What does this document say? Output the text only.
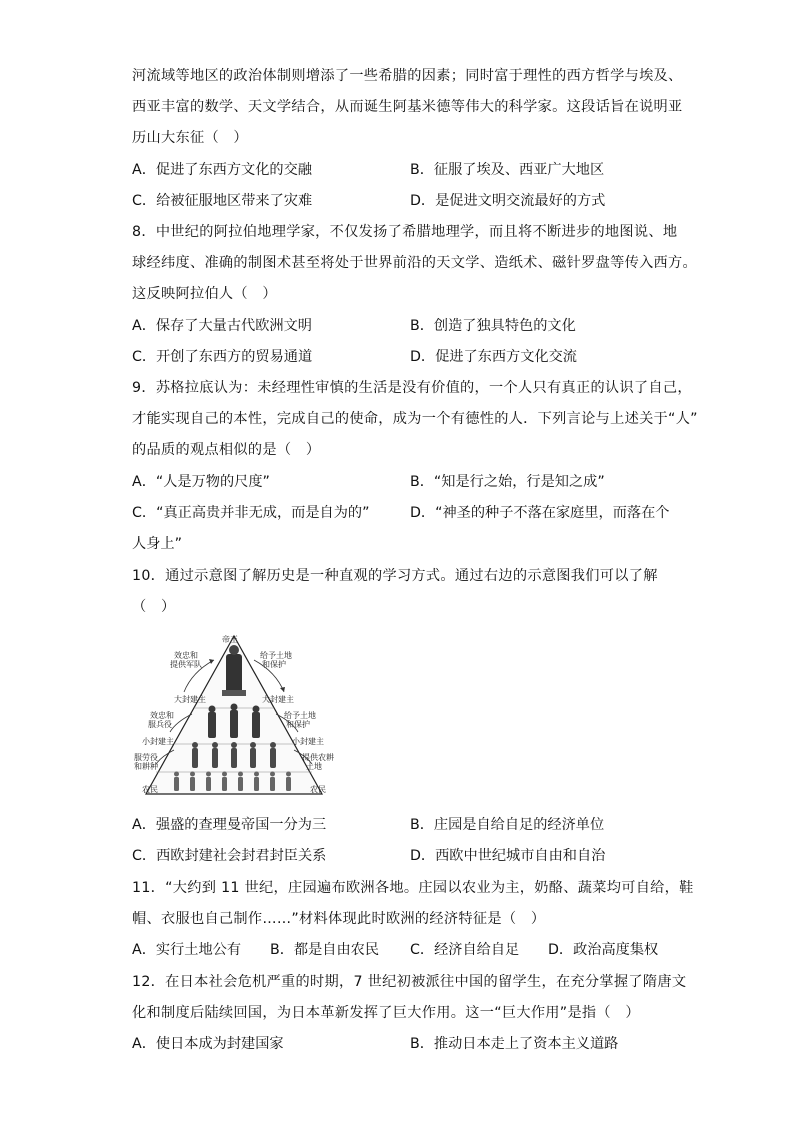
河流域等地区的政治体制则增添了一些希腊的因素；同时富于理性的西方哲学与埃及、
西亚丰富的数学、天文学结合，从而诞生阿基米德等伟大的科学家。这段话旨在说明亚
历山大东征（　）
A．促进了东西方文化的交融	B．征服了埃及、西亚广大地区
C．给被征服地区带来了灾难	D．是促进文明交流最好的方式
8．中世纪的阿拉伯地理学家，不仅发扬了希腊地理学，而且将不断进步的地图说、地
球经纬度、准确的制图术甚至将处于世界前沿的天文学、造纸术、磁针罗盘等传入西方。
这反映阿拉伯人（　）
A．保存了大量古代欧洲文明	B．创造了独具特色的文化
C．开创了东西方的贸易通道	D．促进了东西方文化交流
9．苏格拉底认为：未经理性审慎的生活是没有价值的，一个人只有真正的认识了自己，
才能实现自己的本性，完成自己的使命，成为一个有德性的人．下列言论与上述关于“人”
的品质的观点相似的是（　）
A．“人是万物的尺度”	B．“知是行之始，行是知之成”
C．“真正高贵并非无成，而是自为的”	D．“神圣的种子不落在家庭里，而落在个
人身上”
10．通过示意图了解历史是一种直观的学习方式。通过右边的示意图我们可以了解
（　）
帝王
效忠和
提供军队
给予土地
和保护
大封建主	大封建主
效忠和
服兵役
给予土地
和保护
小封建主	小封建主
服劳役
和耕种
提供农耕
土地
农民	农民
A．强盛的查理曼帝国一分为三	B．庄园是自给自足的经济单位
C．西欧封建社会封君封臣关系	D．西欧中世纪城市自由和自治
11．“大约到 11 世纪，庄园遍布欧洲各地。庄园以农业为主，奶酪、蔬菜均可自给，鞋
帽、衣服也自己制作……”材料体现此时欧洲的经济特征是（　）
A．实行土地公有 B．都是自由农民 C．经济自给自足 D．政治高度集权
12．在日本社会危机严重的时期，7 世纪初被派往中国的留学生，在充分掌握了隋唐文
化和制度后陆续回国，为日本革新发挥了巨大作用。这一“巨大作用”是指（　）
A．使日本成为封建国家	B．推动日本走上了资本主义道路
